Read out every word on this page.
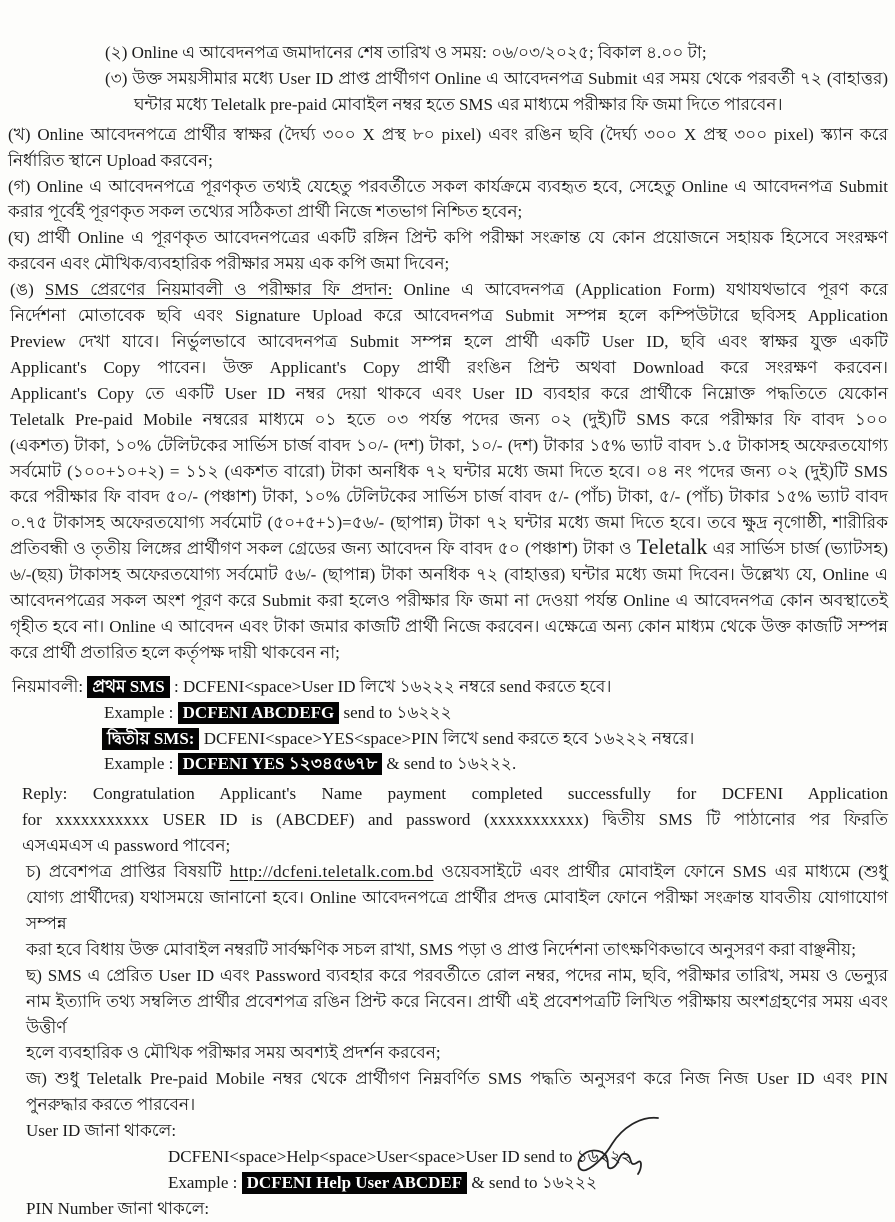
(২) Online এ আবেদনপত্র জমাদানের শেষ তারিখ ও সময়: ০৬/০৩/২০২৫; বিকাল ৪.০০ টা;
(৩) উক্ত সময়সীমার মধ্যে User ID প্রাপ্ত প্রার্থীগণ Online এ আবেদনপত্র Submit এর সময় থেকে পরবর্তী ৭২ (বাহাত্তর)
ঘন্টার মধ্যে Teletalk pre-paid মোবাইল নম্বর হতে SMS এর মাধ্যমে পরীক্ষার ফি জমা দিতে পারবেন।
(খ) Online আবেদনপত্রে প্রার্থীর স্বাক্ষর (দৈর্ঘ্য ৩০০ X প্রস্থ ৮০ pixel) এবং রঙিন ছবি (দৈর্ঘ্য ৩০০ X প্রস্থ ৩০০ pixel) স্ক্যান করে
নির্ধারিত স্থানে Upload করবেন;
(গ) Online এ আবেদনপত্রে পূরণকৃত তথ্যই যেহেতু পরবর্তীতে সকল কার্যক্রমে ব্যবহৃত হবে, সেহেতু Online এ আবেদনপত্র Submit
করার পূর্বেই পূরণকৃত সকল তথ্যের সঠিকতা প্রার্থী নিজে শতভাগ নিশ্চিত হবেন;
(ঘ) প্রার্থী Online এ পূরণকৃত আবেদনপত্রের একটি রঙ্গিন প্রিন্ট কপি পরীক্ষা সংক্রান্ত যে কোন প্রয়োজনে সহায়ক হিসেবে সংরক্ষণ
করবেন এবং মৌখিক/ব্যবহারিক পরীক্ষার সময় এক কপি জমা দিবেন;
(ঙ) SMS প্রেরণের নিয়মাবলী ও পরীক্ষার ফি প্রদান: Online এ আবেদনপত্র (Application Form) যথাযথভাবে পূরণ করে
নির্দেশনা মোতাবেক ছবি এবং Signature Upload করে আবেদনপত্র Submit সম্পন্ন হলে কম্পিউটারে ছবিসহ Application
Preview দেখা যাবে। নির্ভুলভাবে আবেদনপত্র Submit সম্পন্ন হলে প্রার্থী একটি User ID, ছবি এবং স্বাক্ষর যুক্ত একটি
Applicant's Copy পাবেন। উক্ত Applicant's Copy প্রার্থী রংঙিন প্রিন্ট অথবা Download করে সংরক্ষণ করবেন।
Applicant's Copy তে একটি User ID নম্বর দেয়া থাকবে এবং User ID ব্যবহার করে প্রার্থীকে নিম্নোক্ত পদ্ধতিতে যেকোন
Teletalk Pre-paid Mobile নম্বরের মাধ্যমে ০১ হতে ০৩ পর্যন্ত পদের জন্য ০২ (দুই)টি SMS করে পরীক্ষার ফি বাবদ ১০০
(একশত) টাকা, ১০% টেলিটকের সার্ভিস চার্জ বাবদ ১০/- (দশ) টাকা, ১০/- (দশ) টাকার ১৫% ভ্যাট বাবদ ১.৫ টাকাসহ অফেরতযোগ্য
সর্বমোট (১০০+১০+২) = ১১২ (একশত বারো) টাকা অনধিক ৭২ ঘন্টার মধ্যে জমা দিতে হবে। ০৪ নং পদের জন্য ০২ (দুই)টি SMS
করে পরীক্ষার ফি বাবদ ৫০/- (পঞ্চাশ) টাকা, ১০% টেলিটকের সার্ভিস চার্জ বাবদ ৫/- (পাঁচ) টাকা, ৫/- (পাঁচ) টাকার ১৫% ভ্যাট বাবদ
০.৭৫ টাকাসহ অফেরতযোগ্য সর্বমোট (৫০+৫+১)=৫৬/- (ছাপান্ন) টাকা ৭২ ঘন্টার মধ্যে জমা দিতে হবে। তবে ক্ষুদ্র নৃগোষ্ঠী, শারীরিক
প্রতিবন্ধী ও তৃতীয় লিঙ্গের প্রার্থীগণ সকল গ্রেডের জন্য আবেদন ফি বাবদ ৫০ (পঞ্চাশ) টাকা ও Teletalk এর সার্ভিস চার্জ (ভ্যাটসহ)
৬/-(ছয়) টাকাসহ অফেরতযোগ্য সর্বমোট ৫৬/- (ছাপান্ন) টাকা অনধিক ৭২ (বাহাত্তর) ঘন্টার মধ্যে জমা দিবেন। উল্লেখ্য যে, Online এ
আবেদনপত্রের সকল অংশ পূরণ করে Submit করা হলেও পরীক্ষার ফি জমা না দেওয়া পর্যন্ত Online এ আবেদনপত্র কোন অবস্থাতেই
গৃহীত হবে না। Online এ আবেদন এবং টাকা জমার কাজটি প্রার্থী নিজে করবেন। এক্ষেত্রে অন্য কোন মাধ্যম থেকে উক্ত কাজটি সম্পন্ন
করে প্রার্থী প্রতারিত হলে কর্তৃপক্ষ দায়ী থাকবেন না;
নিয়মাবলী: প্রথম SMS : DCFENI<space>User ID লিখে ১৬২২২ নম্বরে send করতে হবে।
Example : DCFENI ABCDEFG send to ১৬২২২
দ্বিতীয় SMS: DCFENI<space>YES<space>PIN লিখে send করতে হবে ১৬২২২ নম্বরে।
Example : DCFENI YES ১২৩৪৫৬৭৮ & send to ১৬২২২.
Reply: Congratulation Applicant's Name payment completed successfully for DCFENI Application
for xxxxxxxxxxx USER ID is (ABCDEF) and password (xxxxxxxxxxx) দ্বিতীয় SMS টি পাঠানোর পর ফিরতি
এসএমএস এ password পাবেন;
চ) প্রবেশপত্র প্রাপ্তির বিষয়টি http://dcfeni.teletalk.com.bd ওয়েবসাইটে এবং প্রার্থীর মোবাইল ফোনে SMS এর মাধ্যমে (শুধু
যোগ্য প্রার্থীদের) যথাসময়ে জানানো হবে। Online আবেদনপত্রে প্রার্থীর প্রদত্ত মোবাইল ফোনে পরীক্ষা সংক্রান্ত যাবতীয় যোগাযোগ সম্পন্ন
করা হবে বিধায় উক্ত মোবাইল নম্বরটি সার্বক্ষণিক সচল রাখা, SMS পড়া ও প্রাপ্ত নির্দেশনা তাৎক্ষণিকভাবে অনুসরণ করা বাঞ্ছনীয়;
ছ) SMS এ প্রেরিত User ID এবং Password ব্যবহার করে পরবর্তীতে রোল নম্বর, পদের নাম, ছবি, পরীক্ষার তারিখ, সময় ও ভেন্যুর
নাম ইত্যাদি তথ্য সম্বলিত প্রার্থীর প্রবেশপত্র রঙিন প্রিন্ট করে নিবেন। প্রার্থী এই প্রবেশপত্রটি লিখিত পরীক্ষায় অংশগ্রহণের সময় এবং উত্তীর্ণ
হলে ব্যবহারিক ও মৌখিক পরীক্ষার সময় অবশ্যই প্রদর্শন করবেন;
জ) শুধু Teletalk Pre-paid Mobile নম্বর থেকে প্রার্থীগণ নিম্নবর্ণিত SMS পদ্ধতি অনুসরণ করে নিজ নিজ User ID এবং PIN
পুনরুদ্ধার করতে পারবেন।
User ID জানা থাকলে:
DCFENI<space>Help<space>User<space>User ID send to ১৬২২২
Example : DCFENI Help User ABCDEF & send to ১৬২২২
PIN Number জানা থাকলে:
